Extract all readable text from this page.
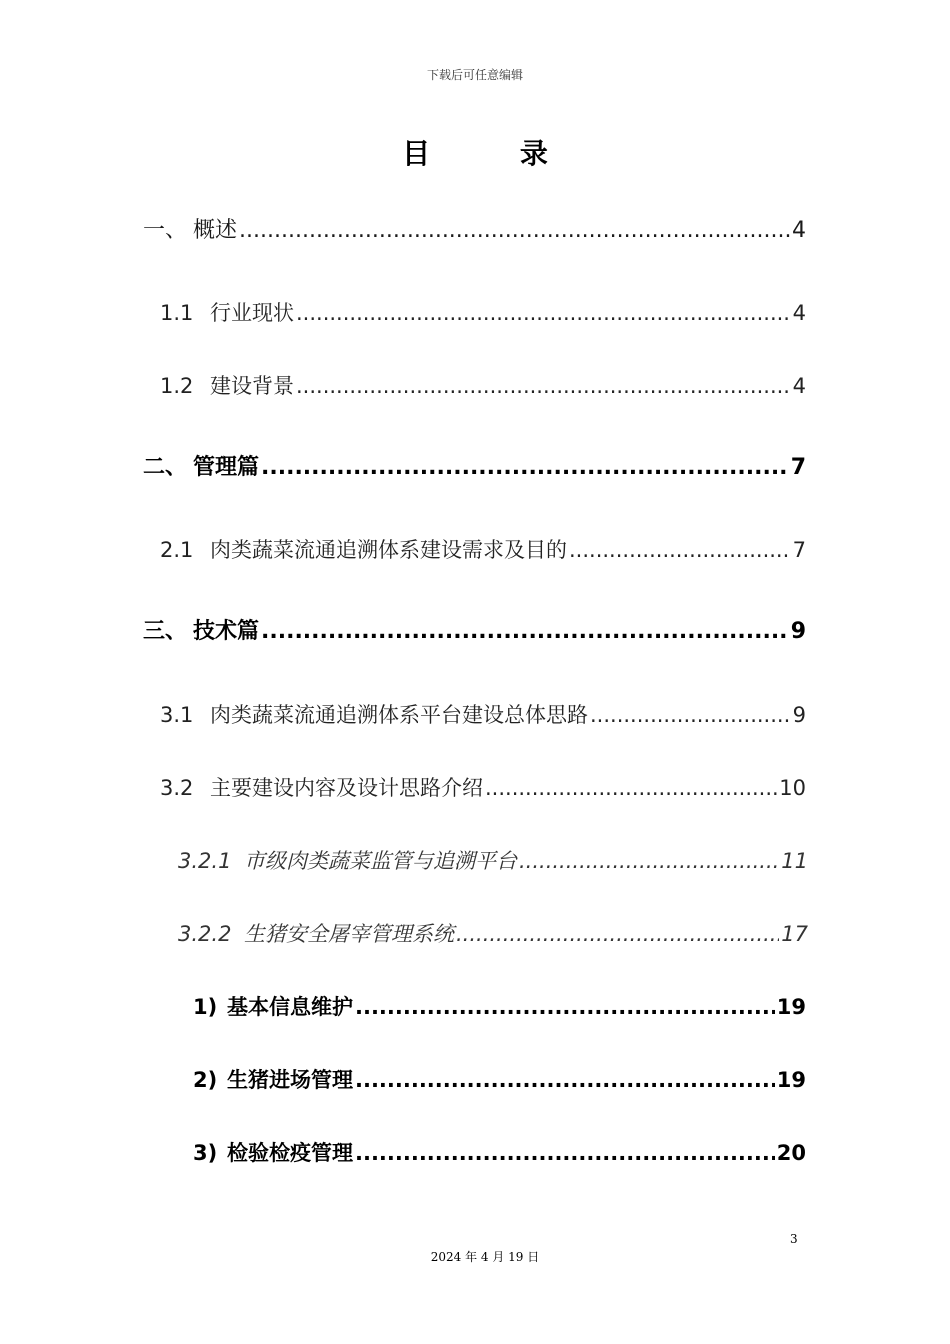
下载后可任意编辑
目 录
一、 概述 .....	4
1.1 行业现状 .....	4
1.2 建设背景 .....	4
二、 管理篇 .....	7
2.1 肉类蔬菜流通追溯体系建设需求及目的 .....	7
三、 技术篇 .....	9
3.1 肉类蔬菜流通追溯体系平台建设总体思路 .....	9
3.2 主要建设内容及设计思路介绍 .....	10
3.2.1 市级肉类蔬菜监管与追溯平台 .....	11
3.2.2 生猪安全屠宰管理系统 .....	17
1) 基本信息维护 .....	19
2) 生猪进场管理 .....	19
3) 检验检疫管理 .....	20
3
2024 年 4 月 19 日
